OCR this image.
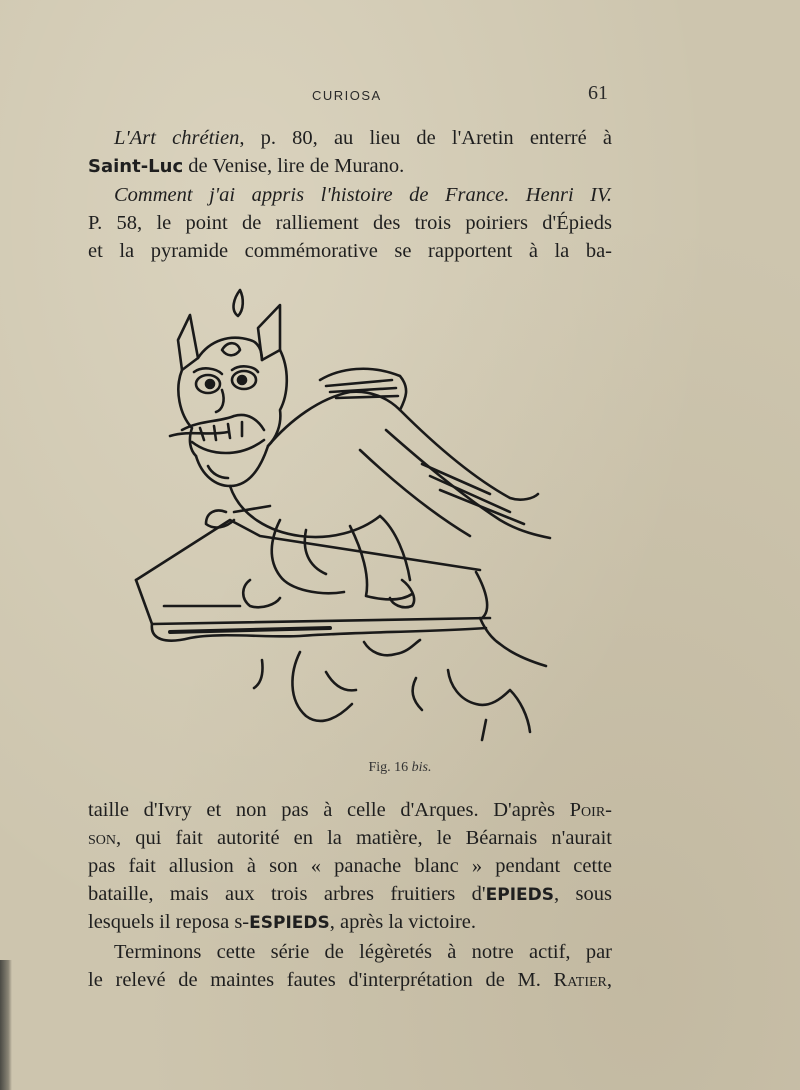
CURIOSA	61
L'Art chrétien, p. 80, au lieu de l'Aretin enterré à
Saint-Luc de Venise, lire de Murano.
Comment j'ai appris l'histoire de France. Henri IV.
P. 58, le point de ralliement des trois poiriers d'Épieds
et la pyramide commémorative se rapportent à la ba-
Fig. 16 bis.
taille d'Ivry et non pas à celle d'Arques. D'après Poir-
son, qui fait autorité en la matière, le Béarnais n'aurait
pas fait allusion à son « panache blanc » pendant cette
bataille, mais aux trois arbres fruitiers d'EPIEDS, sous
lesquels il reposa s-ESPIEDS, après la victoire.
Terminons cette série de légèretés à notre actif, par
le relevé de maintes fautes d'interprétation de M. Ratier,
